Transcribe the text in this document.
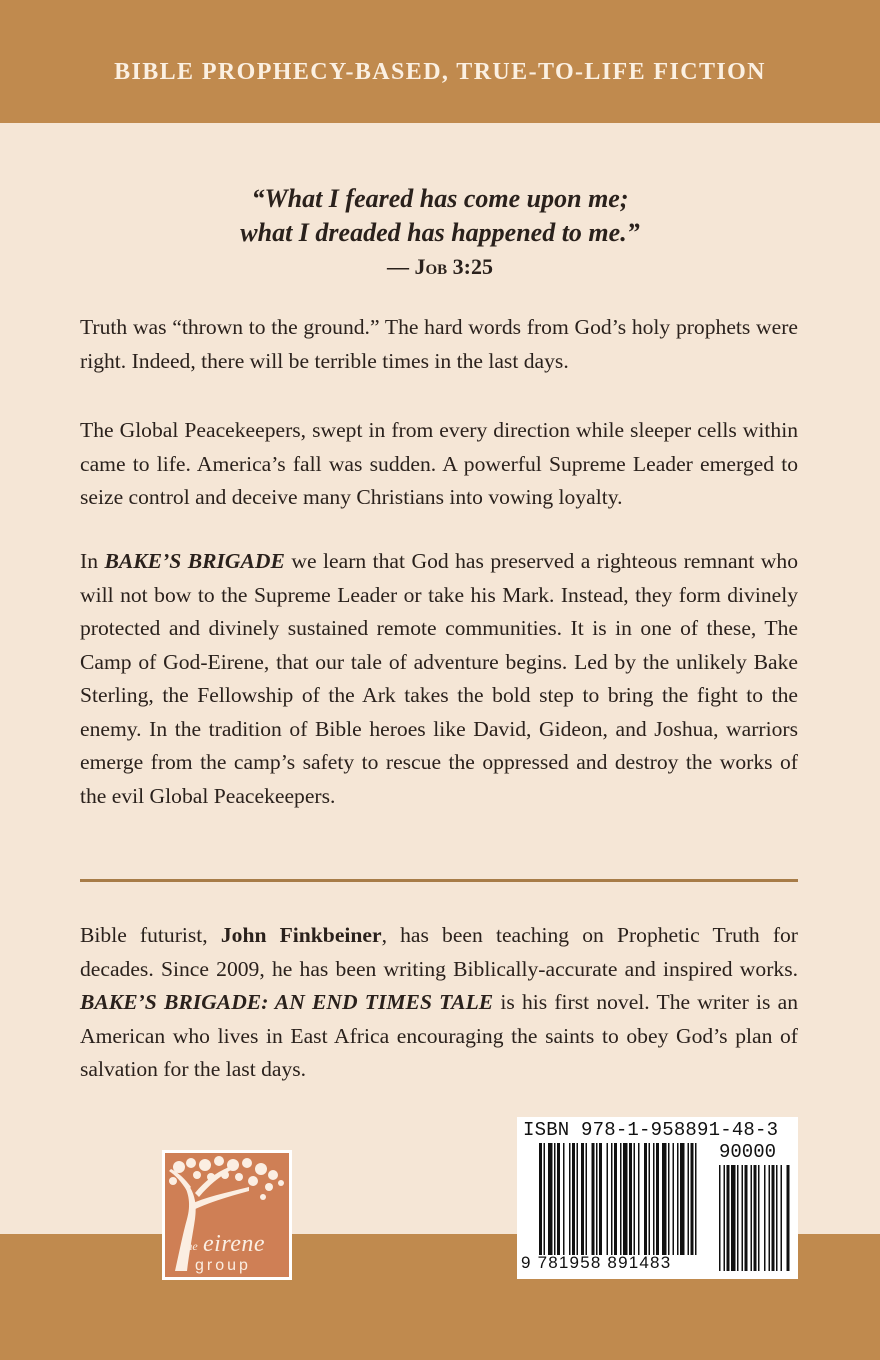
BIBLE PROPHECY-BASED, TRUE-TO-LIFE FICTION
“What I feared has come upon me;
what I dreaded has happened to me.”
— Job 3:25
Truth was “thrown to the ground.” The hard words from God’s holy prophets were right. Indeed, there will be terrible times in the last days.
The Global Peacekeepers, swept in from every direction while sleeper cells within came to life. America’s fall was sudden. A powerful Supreme Leader emerged to seize control and deceive many Christians into vowing loyalty.
In BAKE’S BRIGADE we learn that God has preserved a righteous remnant who will not bow to the Supreme Leader or take his Mark. Instead, they form divinely protected and divinely sustained remote communities. It is in one of these, The Camp of God-Eirene, that our tale of adventure begins. Led by the unlikely Bake Sterling, the Fellowship of the Ark takes the bold step to bring the fight to the enemy. In the tradition of Bible heroes like David, Gideon, and Joshua, warriors emerge from the camp’s safety to rescue the oppressed and destroy the works of the evil Global Peacekeepers.
Bible futurist, John Finkbeiner, has been teaching on Prophetic Truth for decades. Since 2009, he has been writing Biblically-accurate and inspired works. BAKE’S BRIGADE: AN END TIMES TALE is his first novel. The writer is an American who lives in East Africa encouraging the saints to obey God’s plan of salvation for the last days.
the eirene
group
ISBN 978-1-958891-48-3
90000
9 781958 891483
